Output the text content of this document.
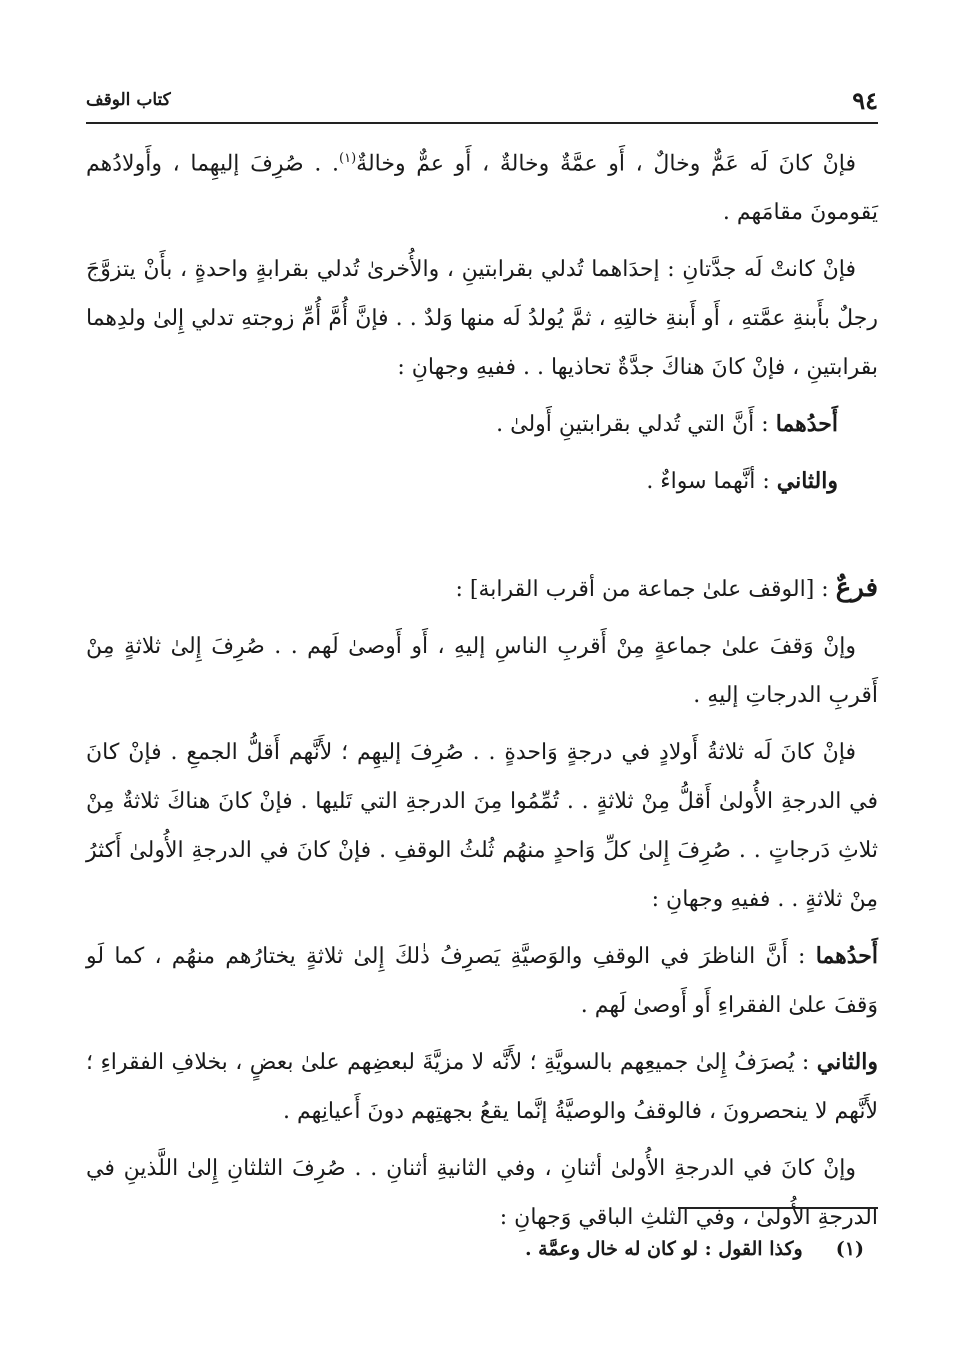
٩٤
كتاب الوقف

فإنْ كانَ لَه عَمٌّ وخالٌ ، أَو عمَّةٌ وخالةٌ ، أَو عمٌّ وخالةٌ$^{(١)}$. . صُرِفَ إليهِما ، وأَولادُهم يَقومونَ مقامَهم .

فإنْ كانتْ لَه جدَّتانِ : إحدَاهما تُدلي بقرابتينِ ، والأُخرىٰ تُدلي بقرابةٍ واحدةٍ ، بأَنْ يتزوَّجَ رجلٌ بأَبنةِ عمَّتهِ ، أَو أَبنةِ خالتِهِ ، ثمَّ يُولدُ لَه منها وَلدٌ . . فإنَّ أُمَّ أُمِّ زوجتهِ تدلي إِلىٰ ولدِهما بقرابتينِ ، فإنْ كانَ هناكَ جدَّةٌ تحاذيها . . ففيهِ وجهانِ :

أَحدُهما : أَنَّ التي تُدلي بقرابتينِ أَولىٰ .

والثاني : أنَّهما سواءٌ .

فرعٌ : [الوقف علىٰ جماعة من أقرب القرابة] :

وإنْ وَقفَ علىٰ جماعةٍ مِنْ أَقربِ الناسِ إليهِ ، أَو أَوصىٰ لَهم . . صُرِفَ إِلىٰ ثلاثةٍ مِنْ أَقربِ الدرجاتِ إليهِ .

فإنْ كانَ لَه ثلاثةُ أَولادٍ في درجةٍ وَاحدةٍ . . صُرِفَ إليهِم ؛ لأَنَّهم أَقلُّ الجمعِ . فإنْ كانَ في الدرجةِ الأُولىٰ أَقلُّ مِنْ ثلاثةٍ . . تُمِّمُوا مِنَ الدرجةِ التي تَليها . فإنْ كانَ هناكَ ثلاثةٌ مِنْ ثلاثِ دَرجاتٍ . . صُرِفَ إِلىٰ كلِّ وَاحدٍ منهُم ثُلثُ الوقفِ . فإنْ كانَ في الدرجةِ الأُولىٰ أَكثرُ مِنْ ثلاثةٍ . . ففيهِ وجهانِ :

أَحدُهما : أَنَّ الناظرَ في الوقفِ والوَصيَّةِ يَصرِفُ ذٰلكَ إِلىٰ ثلاثةٍ يختارُهم منهُم ، كما لَو وَقفَ علىٰ الفقراءِ أَو أَوصىٰ لَهم .

والثاني : يُصرَفُ إِلىٰ جميعِهم بالسويَّةِ ؛ لأَنَّه لا مزيَّةَ لبعضِهم علىٰ بعضٍ ، بخلافِ الفقراءِ ؛ لأَنَّهم لا ينحصرونَ ، فالوقفُ والوصيَّةُ إنَّما يقعُ بجهتِهم دونَ أَعيانِهم .

وإنْ كانَ في الدرجةِ الأُولىٰ أثنانِ ، وفي الثانيةِ أثنانِ . . صُرِفَ الثلثانِ إِلىٰ اللَّذينِ في الدرجةِ الأُولىٰ ، وفي الثلثِ الباقي وَجهانِ :

(١)     وكذا القول : لو كان له خال وعمَّة .
